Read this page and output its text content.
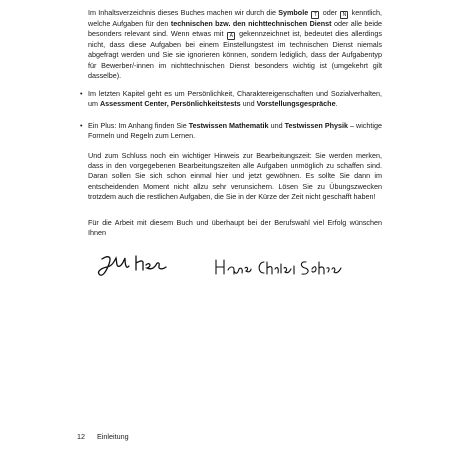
Im Inhaltsverzeichnis dieses Buches machen wir durch die Symbole T oder N kenntlich, welche Aufgaben für den technischen bzw. den nichttechnischen Dienst oder alle beide besonders relevant sind. Wenn etwas mit A gekennzeichnet ist, bedeutet dies allerdings nicht, dass diese Aufgaben bei einem Einstellungstest im technischen Dienst niemals abgefragt werden und Sie sie ignorieren können, sondern lediglich, dass der Aufgabentyp für Bewerber/-innen im nichttechnischen Dienst besonders wichtig ist (umgekehrt gilt dasselbe).

• Im letzten Kapitel geht es um Persönlichkeit, Charaktereigenschaften und Sozialverhalten, um Assessment Center, Persönlichkeitstests und Vorstellungsgespräche.

• Ein Plus: Im Anhang finden Sie Testwissen Mathematik und Testwissen Physik – wichtige Formeln und Regeln zum Lernen.

Und zum Schluss noch ein wichtiger Hinweis zur Bearbeitungszeit: Sie werden merken, dass in den vorgegebenen Bearbeitungszeiten alle Aufgaben unmöglich zu schaffen sind. Daran sollen Sie sich schon einmal hier und jetzt gewöhnen. Es sollte Sie dann im entscheidenden Moment nicht allzu sehr verunsichern. Lösen Sie zu Übungszwecken trotzdem auch die restlichen Aufgaben, die Sie in der Kürze der Zeit nicht geschafft haben!

Für die Arbeit mit diesem Buch und überhaupt bei der Berufswahl viel Erfolg wünschen Ihnen

12 Einleitung
